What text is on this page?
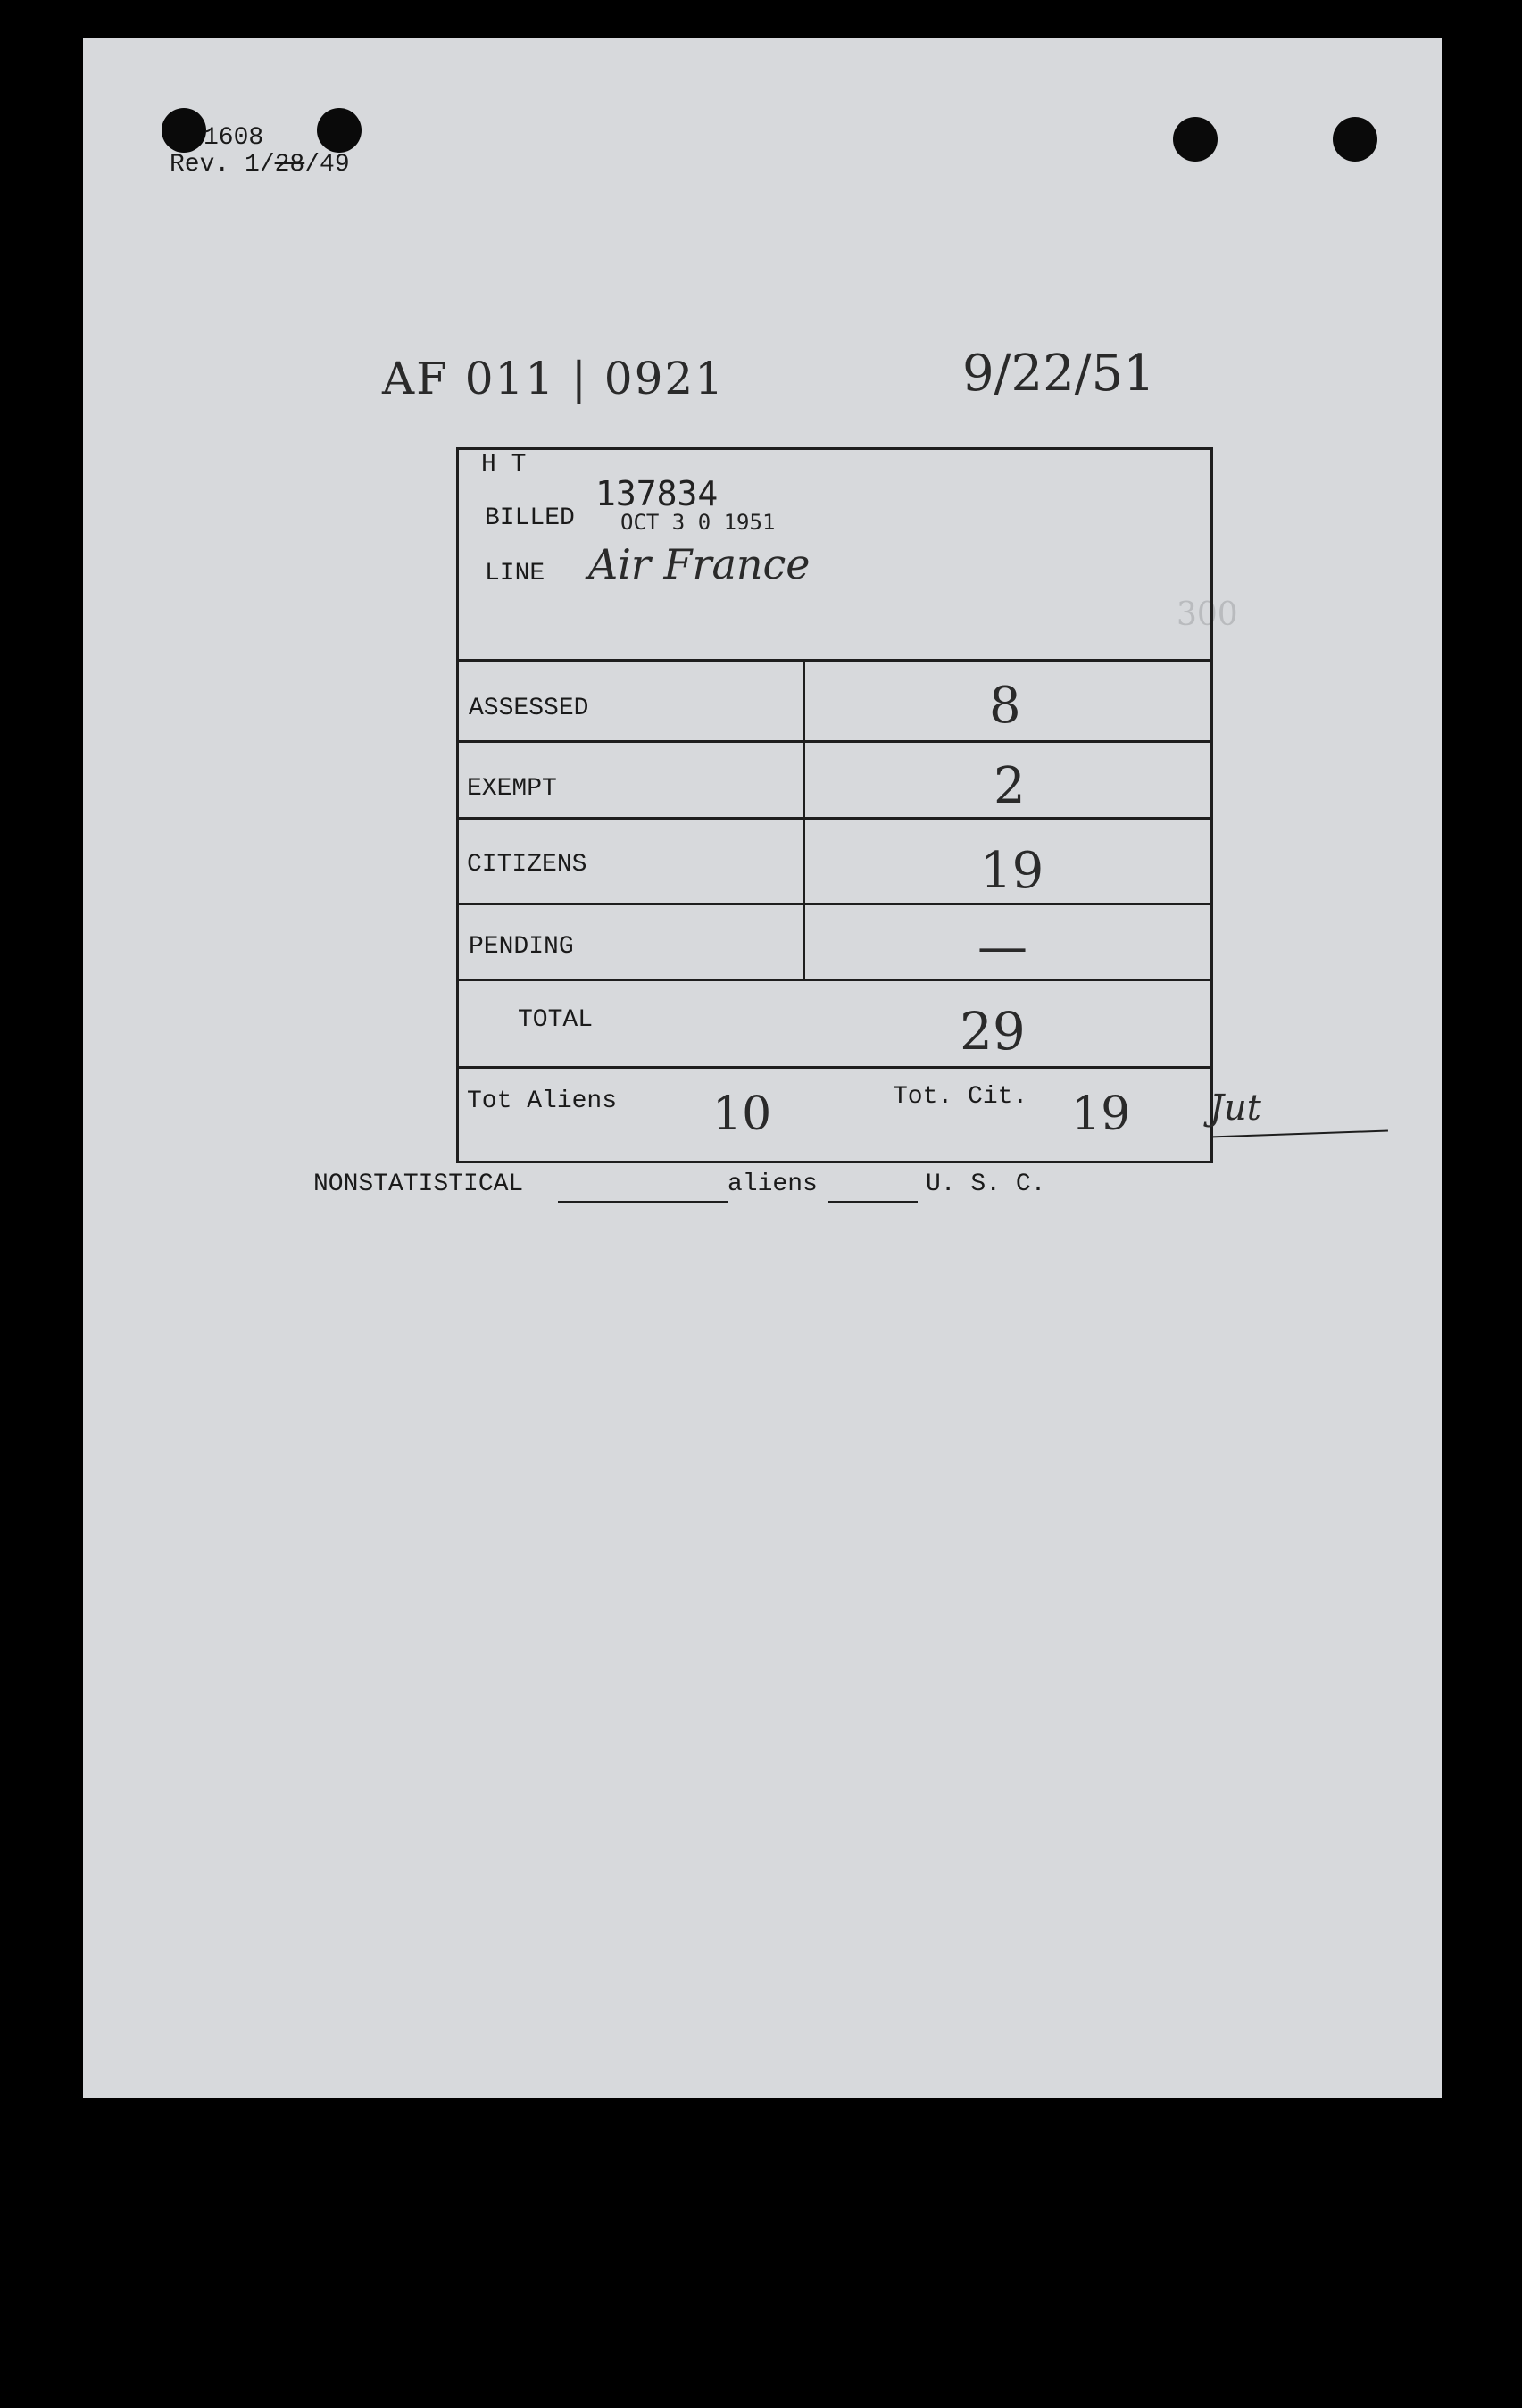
1608
Rev. 1/28/49
AF 011 | 0921	9/22/51
300
H T
BILLED
137834
OCT 3 0 1951
LINE Air France
ASSESSED	8
EXEMPT	2
CITIZENS	19
PENDING	—
TOTAL	29
Tot Aliens 10	Tot. Cit. 19 Jut
NONSTATISTICAL	aliens	U. S. C.
